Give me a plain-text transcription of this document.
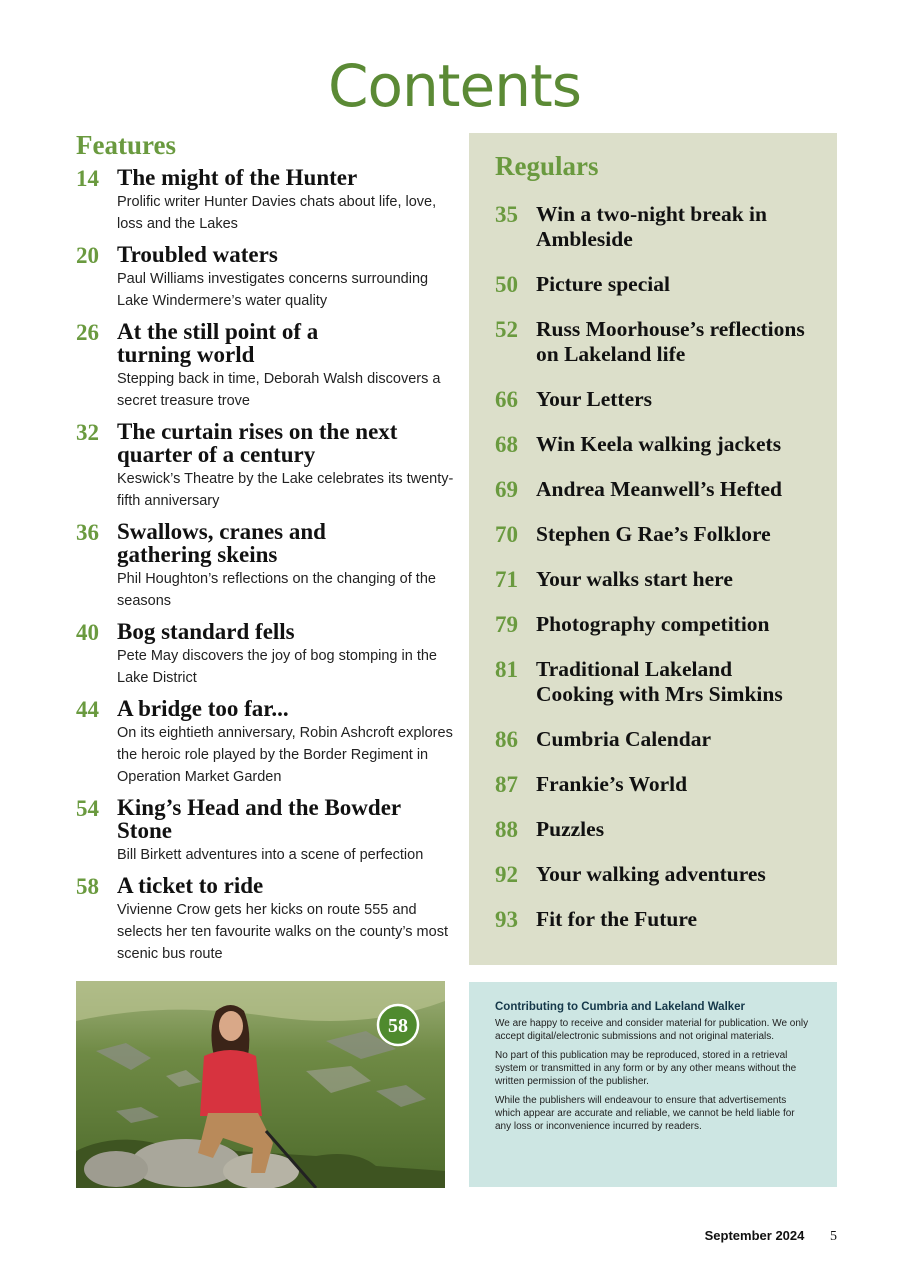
Contents
Features
14 The might of the Hunter
Prolific writer Hunter Davies chats about life, love, loss and the Lakes
20 Troubled waters
Paul Williams investigates concerns surrounding Lake Windermere’s water quality
26 At the still point of a turning world
Stepping back in time, Deborah Walsh discovers a secret treasure trove
32 The curtain rises on the next quarter of a century
Keswick’s Theatre by the Lake celebrates its twenty-fifth anniversary
36 Swallows, cranes and gathering skeins
Phil Houghton’s reflections on the changing of the seasons
40 Bog standard fells
Pete May discovers the joy of bog stomping in the Lake District
44 A bridge too far...
On its eightieth anniversary, Robin Ashcroft explores the heroic role played by the Border Regiment in Operation Market Garden
54 King’s Head and the Bowder Stone
Bill Birkett adventures into a scene of perfection
58 A ticket to ride
Vivienne Crow gets her kicks on route 555 and selects her ten favourite walks on the county’s most scenic bus route
Regulars
35 Win a two-night break in Ambleside
50 Picture special
52 Russ Moorhouse’s reflections on Lakeland life
66 Your Letters
68 Win Keela walking jackets
69 Andrea Meanwell’s Hefted
70 Stephen G Rae’s Folklore
71 Your walks start here
79 Photography competition
81 Traditional Lakeland Cooking with Mrs Simkins
86 Cumbria Calendar
87 Frankie’s World
88 Puzzles
92 Your walking adventures
93 Fit for the Future
58
Contributing to Cumbria and Lakeland Walker
We are happy to receive and consider material for publication. We only accept digital/electronic submissions and not original materials.
No part of this publication may be reproduced, stored in a retrieval system or transmitted in any form or by any other means without the written permission of the publisher.
While the publishers will endeavour to ensure that advertisements which appear are accurate and reliable, we cannot be held liable for any loss or inconvenience incurred by readers.
September 2024 5
